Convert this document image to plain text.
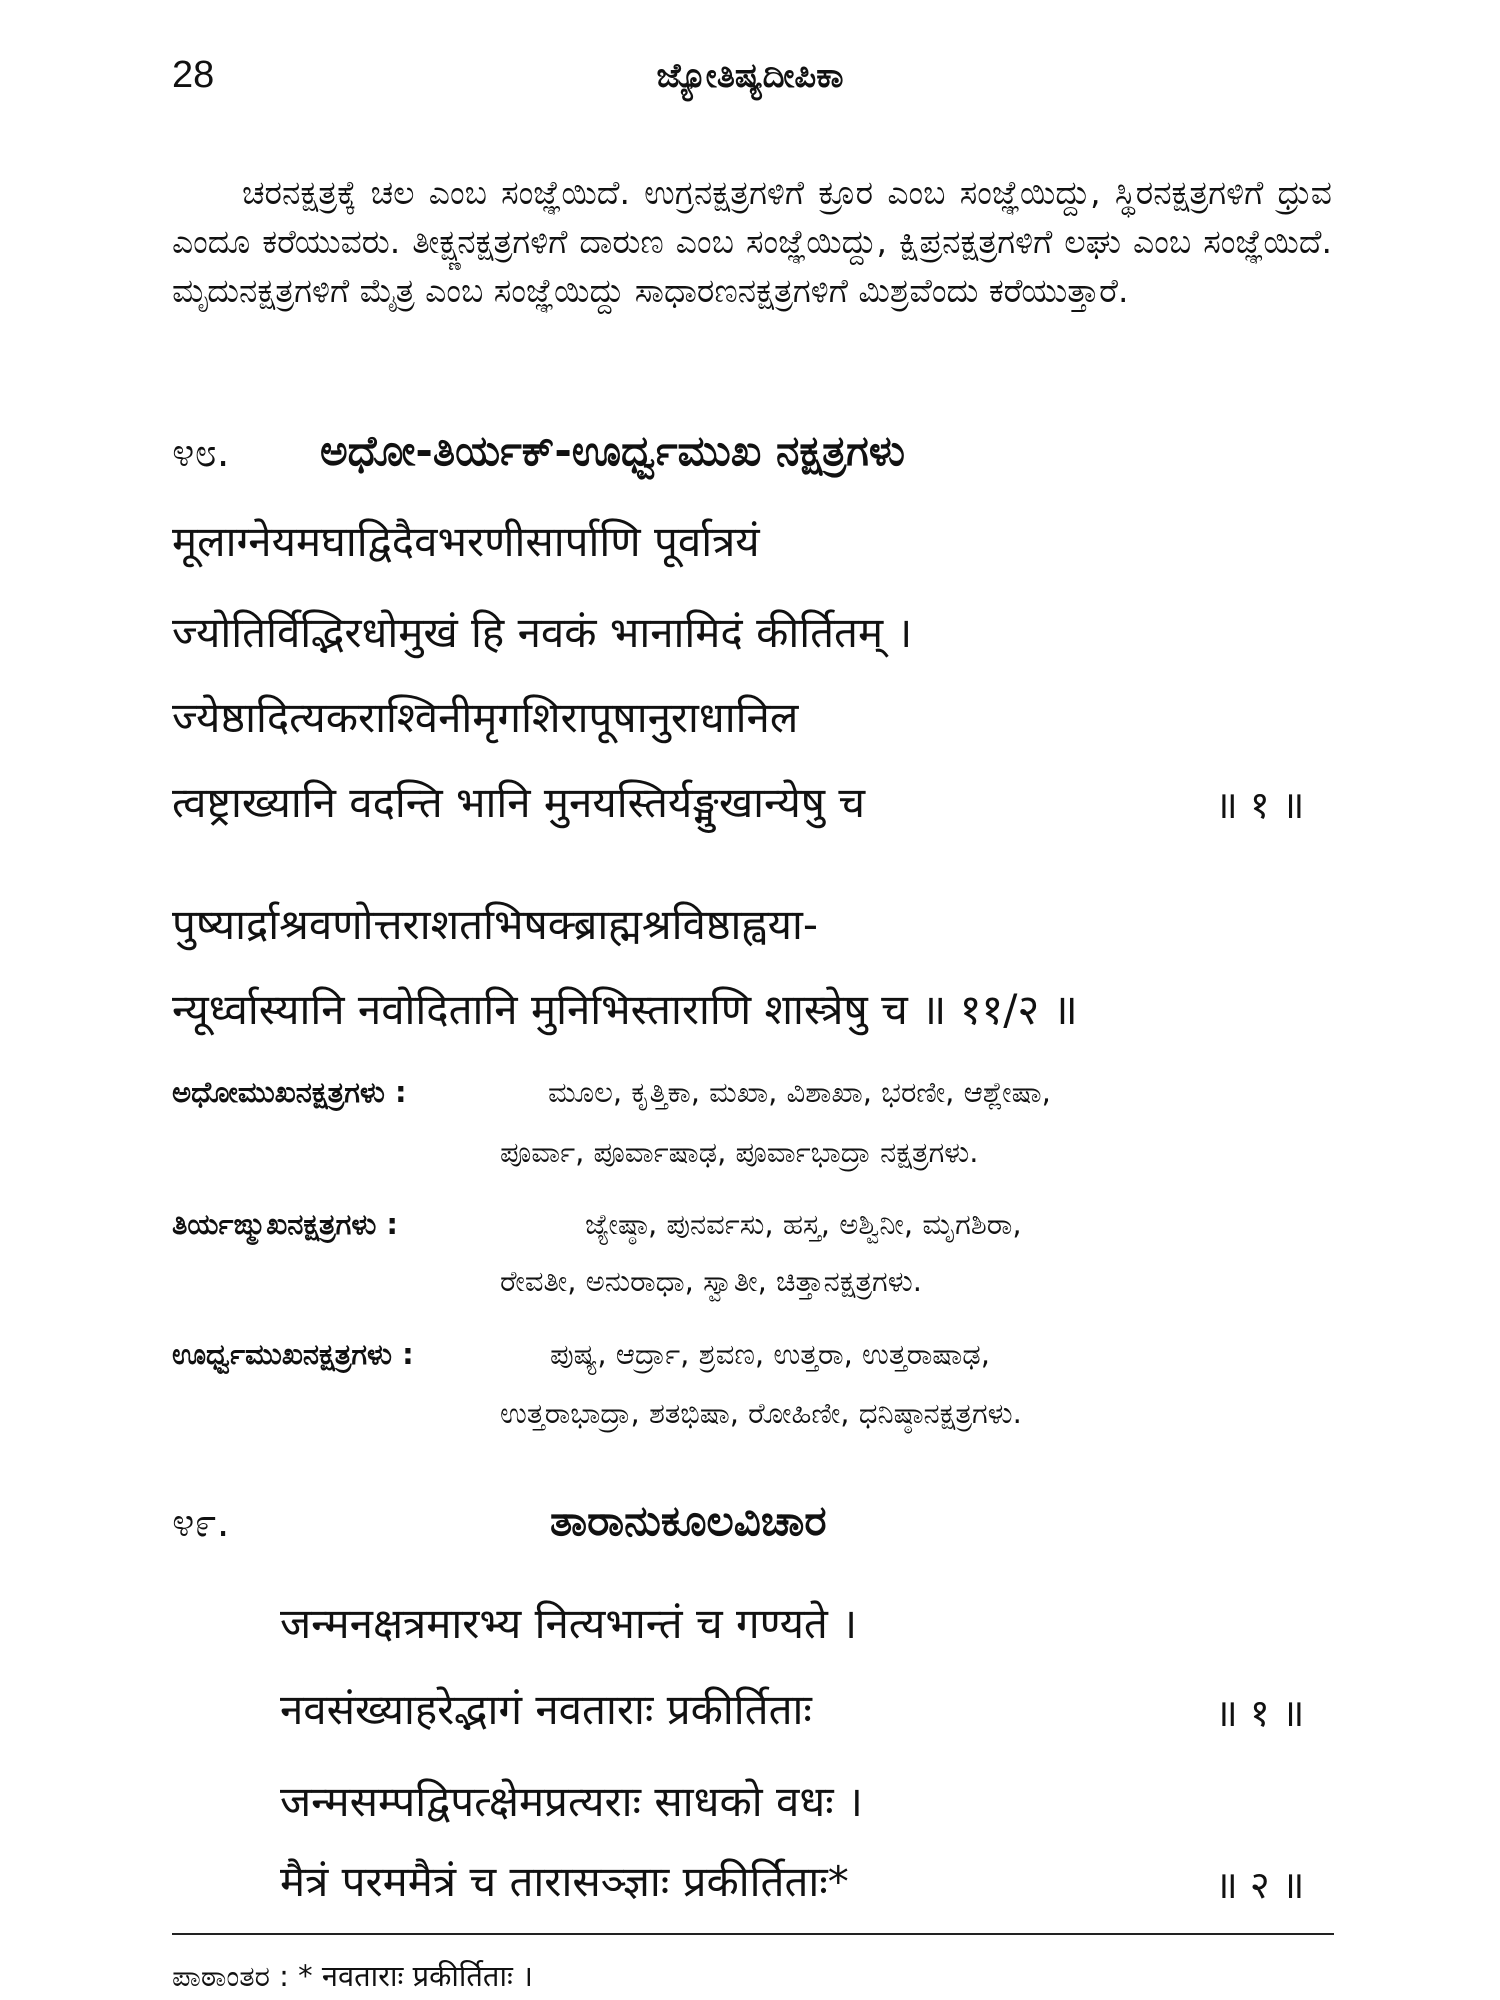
28	ಜ್ಯೋತಿಷ್ಯದೀಪಿಕಾ
ಚರನಕ್ಷತ್ರಕ್ಕೆ ಚಲ ಎಂಬ ಸಂಜ್ಞೆಯಿದೆ. ಉಗ್ರನಕ್ಷತ್ರಗಳಿಗೆ ಕ್ರೂರ ಎಂಬ ಸಂಜ್ಞೆಯಿದ್ದು, ಸ್ಥಿರನಕ್ಷತ್ರಗಳಿಗೆ ಧ್ರುವ ಎಂದೂ ಕರೆಯುವರು. ತೀಕ್ಷ್ಣನಕ್ಷತ್ರಗಳಿಗೆ ದಾರುಣ ಎಂಬ ಸಂಜ್ಞೆಯಿದ್ದು, ಕ್ಷಿಪ್ರನಕ್ಷತ್ರಗಳಿಗೆ ಲಘು ಎಂಬ ಸಂಜ್ಞೆಯಿದೆ. ಮೃದುನಕ್ಷತ್ರಗಳಿಗೆ ಮೈತ್ರ ಎಂಬ ಸಂಜ್ಞೆಯಿದ್ದು ಸಾಧಾರಣನಕ್ಷತ್ರಗಳಿಗೆ ಮಿಶ್ರವೆಂದು ಕರೆಯುತ್ತಾರೆ.
೪೮. ಅಧೋ-ತಿರ್ಯಕ್-ಊರ್ಧ್ವಮುಖ ನಕ್ಷತ್ರಗಳು
मूलाग्नेयमघाद्विदैवभरणीसार्पाणि पूर्वात्रयं
ज्योतिर्विद्भिरधोमुखं हि नवकं भानामिदं कीर्तितम् ।
ज्येष्ठादित्यकराश्विनीमृगशिरापूषानुराधानिल
त्वष्ट्राख्यानि वदन्ति भानि मुनयस्तिर्यङ्मुखान्येषु च	॥ १ ॥
पुष्यार्द्राश्रवणोत्तराशतभिषक्ब्राह्मश्रविष्ठाह्वया-
न्यूर्ध्वास्यानि नवोदितानि मुनिभिस्ताराणि शास्त्रेषु च ॥ ११/२ ॥
ಅಧೋಮುಖನಕ್ಷತ್ರಗಳು :	ಮೂಲ, ಕೃತ್ತಿಕಾ, ಮಖಾ, ವಿಶಾಖಾ, ಭರಣೀ, ಆಶ್ಲೇಷಾ,
ಪೂರ್ವಾ, ಪೂರ್ವಾಷಾಢ, ಪೂರ್ವಾಭಾದ್ರಾ ನಕ್ಷತ್ರಗಳು.
ತಿರ್ಯಙ್ಮುಖನಕ್ಷತ್ರಗಳು :	ಜ್ಯೇಷ್ಠಾ, ಪುನರ್ವಸು, ಹಸ್ತ, ಅಶ್ವಿನೀ, ಮೃಗಶಿರಾ,
ರೇವತೀ, ಅನುರಾಧಾ, ಸ್ವಾತೀ, ಚಿತ್ತಾನಕ್ಷತ್ರಗಳು.
ಊರ್ಧ್ವಮುಖನಕ್ಷತ್ರಗಳು :	ಪುಷ್ಯ, ಆರ್ದ್ರಾ, ಶ್ರವಣ, ಉತ್ತರಾ, ಉತ್ತರಾಷಾಢ,
ಉತ್ತರಾಭಾದ್ರಾ, ಶತಭಿಷಾ, ರೋಹಿಣೀ, ಧನಿಷ್ಠಾನಕ್ಷತ್ರಗಳು.
೪೯.	ತಾರಾನುಕೂಲವಿಚಾರ
जन्मनक्षत्रमारभ्य नित्यभान्तं च गण्यते ।
नवसंख्याहरेद्भागं नवताराः प्रकीर्तिताः	॥ १ ॥
जन्मसम्पद्विपत्क्षेमप्रत्यराः साधको वधः ।
मैत्रं परममैत्रं च तारासञ्ज्ञाः प्रकीर्तिताः*	॥ २ ॥
ಪಾಠಾಂತರ : * नवताराः प्रकीर्तिताः ।
